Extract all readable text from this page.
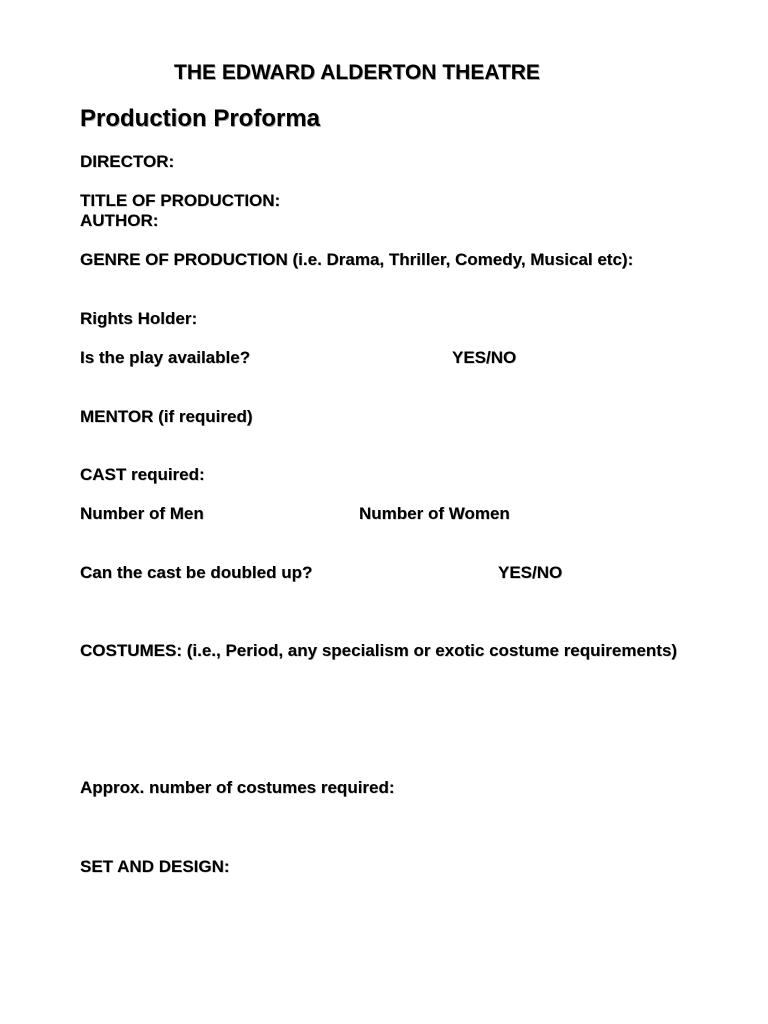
THE EDWARD ALDERTON THEATRE
Production Proforma
DIRECTOR:
TITLE OF PRODUCTION:
AUTHOR:
GENRE OF PRODUCTION (i.e. Drama, Thriller, Comedy, Musical etc):
Rights Holder:
Is the play available?	YES/NO
MENTOR (if required)
CAST required:
Number of Men	Number of Women
Can the cast be doubled up?	YES/NO
COSTUMES: (i.e., Period, any specialism or exotic costume requirements)
Approx. number of costumes required:
SET AND DESIGN:
